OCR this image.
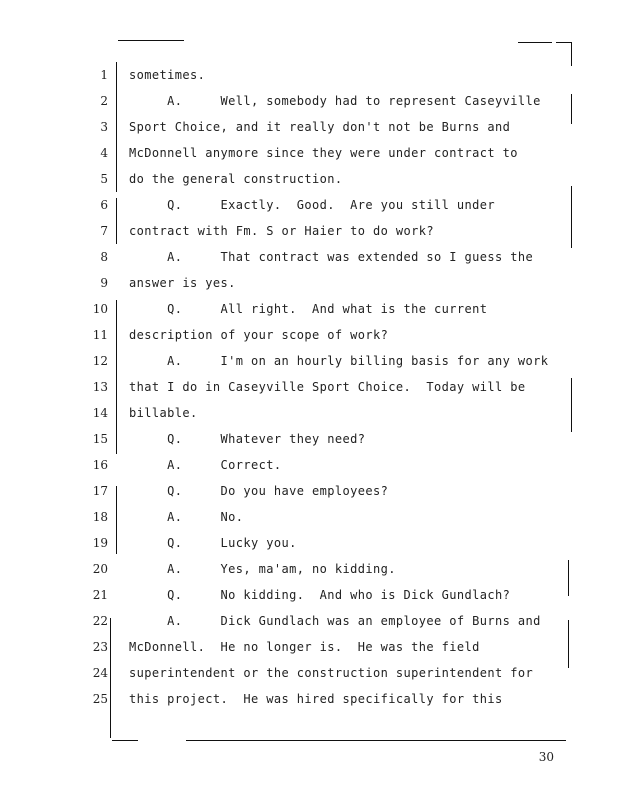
1 sometimes.
2 A.     Well, somebody had to represent Caseyville
3 Sport Choice, and it really don't not be Burns and
4 McDonnell anymore since they were under contract to
5 do the general construction.
6 Q.     Exactly.  Good.  Are you still under
7 contract with Fm. S or Haier to do work?
8 A.     That contract was extended so I guess the
9 answer is yes.
10 Q.     All right.  And what is the current
11 description of your scope of work?
12 A.     I'm on an hourly billing basis for any work
13 that I do in Caseyville Sport Choice.  Today will be
14 billable.
15 Q.     Whatever they need?
16 A.     Correct.
17 Q.     Do you have employees?
18 A.     No.
19 Q.     Lucky you.
20 A.     Yes, ma'am, no kidding.
21 Q.     No kidding.  And who is Dick Gundlach?
22 A.     Dick Gundlach was an employee of Burns and
23 McDonnell.  He no longer is.  He was the field
24 superintendent or the construction superintendent for
25 this project.  He was hired specifically for this
30
